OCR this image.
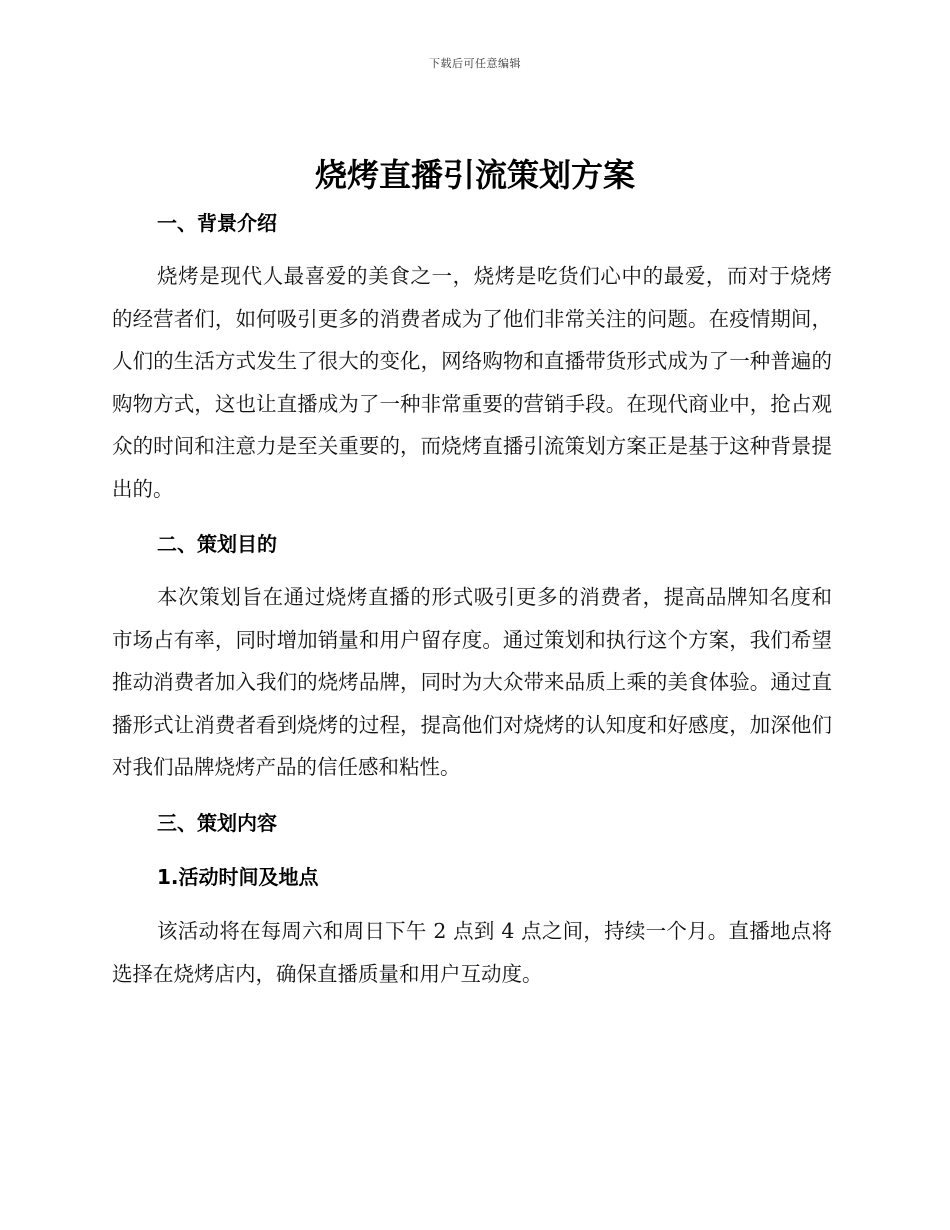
下载后可任意编辑
烧烤直播引流策划方案
一、背景介绍

烧烤是现代人最喜爱的美食之一，烧烤是吃货们心中的最爱，而对于烧烤的经营者们，如何吸引更多的消费者成为了他们非常关注的问题。在疫情期间，人们的生活方式发生了很大的变化，网络购物和直播带货形式成为了一种普遍的购物方式，这也让直播成为了一种非常重要的营销手段。在现代商业中，抢占观众的时间和注意力是至关重要的，而烧烤直播引流策划方案正是基于这种背景提出的。

二、策划目的

本次策划旨在通过烧烤直播的形式吸引更多的消费者，提高品牌知名度和市场占有率，同时增加销量和用户留存度。通过策划和执行这个方案，我们希望推动消费者加入我们的烧烤品牌，同时为大众带来品质上乘的美食体验。通过直播形式让消费者看到烧烤的过程，提高他们对烧烤的认知度和好感度，加深他们对我们品牌烧烤产品的信任感和粘性。

三、策划内容
1.活动时间及地点

该活动将在每周六和周日下午 2 点到 4 点之间，持续一个月。直播地点将选择在烧烤店内，确保直播质量和用户互动度。
